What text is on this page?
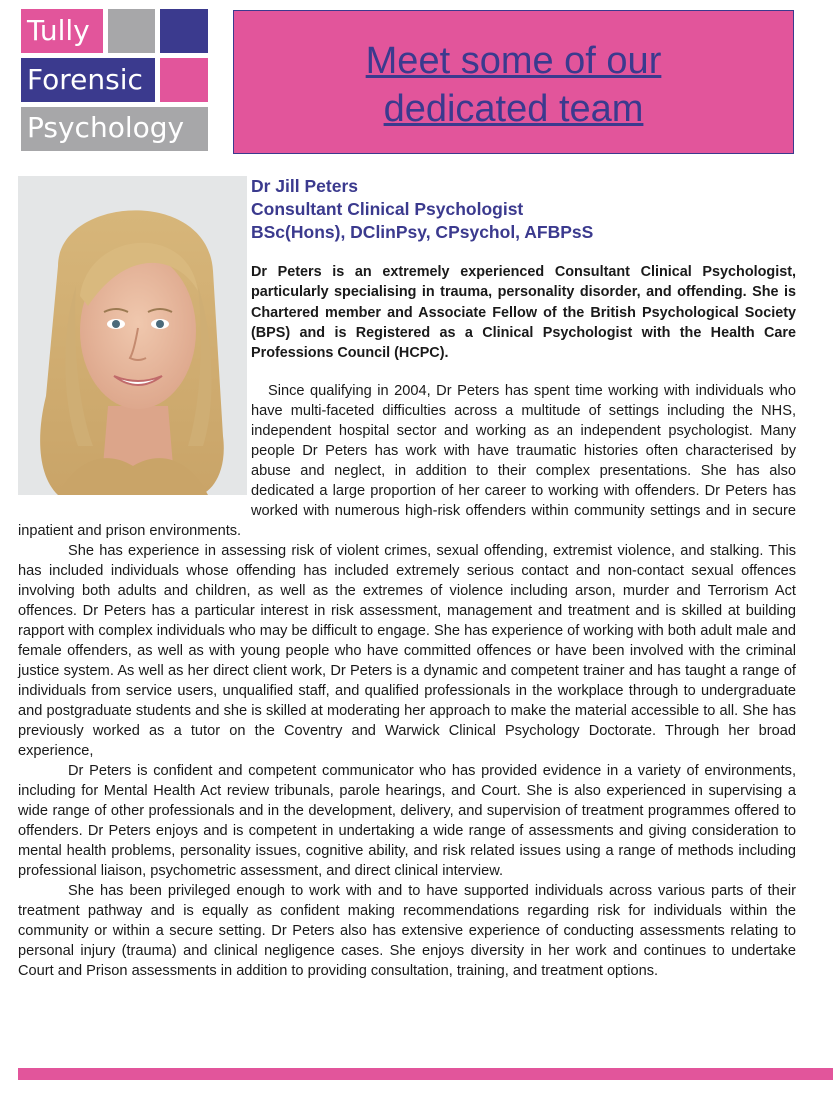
Tully
Forensic
Psychology
Meet some of our
dedicated team
Dr Jill Peters
Consultant Clinical Psychologist
BSc(Hons), DClinPsy, CPsychol, AFBPsS
Dr Peters is an extremely experienced Consultant Clinical Psychologist, particularly specialising in trauma, personality disorder, and offending. She is Chartered member and Associate Fellow of the British Psychological Society (BPS) and is Registered as a Clinical Psychologist with the Health Care Professions Council (HCPC).

Since qualifying in 2004, Dr Peters has spent time working with individuals who have multi-faceted difficulties across a multitude of settings including the NHS, independent hospital sector and working as an independent psychologist. Many people Dr Peters has work with have traumatic histories often characterised by abuse and neglect, in addition to their complex presentations. She has also dedicated a large proportion of her career to working with offenders. Dr Peters has worked with numerous high-risk offenders within community settings and in secure inpatient and prison environments.

She has experience in assessing risk of violent crimes, sexual offending, extremist violence, and stalking. This has included individuals whose offending has included extremely serious contact and non-contact sexual offences involving both adults and children, as well as the extremes of violence including arson, murder and Terrorism Act offences. Dr Peters has a particular interest in risk assessment, management and treatment and is skilled at building rapport with complex individuals who may be difficult to engage. She has experience of working with both adult male and female offenders, as well as with young people who have committed offences or have been involved with the criminal justice system. As well as her direct client work, Dr Peters is a dynamic and competent trainer and has taught a range of individuals from service users, unqualified staff, and qualified professionals in the workplace through to undergraduate and postgraduate students and she is skilled at moderating her approach to make the material accessible to all. She has previously worked as a tutor on the Coventry and Warwick Clinical Psychology Doctorate. Through her broad experience,

Dr Peters is confident and competent communicator who has provided evidence in a variety of environments, including for Mental Health Act review tribunals, parole hearings, and Court. She is also experienced in supervising a wide range of other professionals and in the development, delivery, and supervision of treatment programmes offered to offenders. Dr Peters enjoys and is competent in undertaking a wide range of assessments and giving consideration to mental health problems, personality issues, cognitive ability, and risk related issues using a range of methods including professional liaison, psychometric assessment, and direct clinical interview.

She has been privileged enough to work with and to have supported individuals across various parts of their treatment pathway and is equally as confident making recommendations regarding risk for individuals within the community or within a secure setting. Dr Peters also has extensive experience of conducting assessments relating to personal injury (trauma) and clinical negligence cases. She enjoys diversity in her work and continues to undertake Court and Prison assessments in addition to providing consultation, training, and treatment options.
